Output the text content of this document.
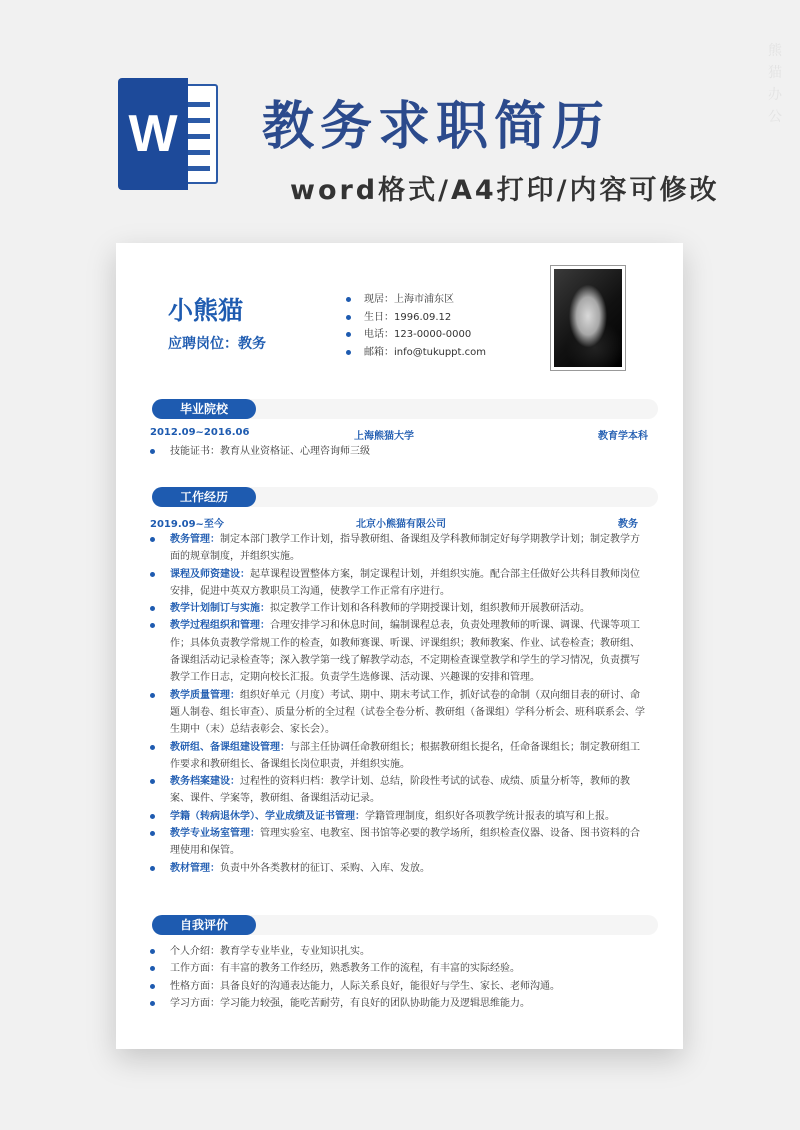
W 教务求职简历
word格式/A4打印/内容可修改
熊猫办公
小熊猫
应聘岗位：教务
现居：上海市浦东区
生日：1996.09.12
电话：123-0000-0000
邮箱：info@tukuppt.com
毕业院校
2012.09~2016.06	上海熊猫大学	教育学本科
技能证书：教育从业资格证、心理咨询师三级
工作经历
2019.09~至今	北京小熊猫有限公司	教务
教务管理：制定本部门教学工作计划，指导教研组、备课组及学科教师制定好每学期教学计划；制定教学方面的规章制度，并组织实施。
课程及师资建设：起草课程设置整体方案，制定课程计划，并组织实施。配合部主任做好公共科目教师岗位安排，促进中英双方教职员工沟通，使教学工作正常有序进行。
教学计划制订与实施：拟定教学工作计划和各科教师的学期授课计划，组织教师开展教研活动。
教学过程组织和管理：合理安排学习和休息时间，编制课程总表，负责处理教师的听课、调课、代课等项工作；具体负责教学常规工作的检查，如教师赛课、听课、评课组织；教师教案、作业、试卷检查；教研组、备课组活动记录检查等；深入教学第一线了解教学动态，不定期检查课堂教学和学生的学习情况，负责撰写教学工作日志，定期向校长汇报。负责学生选修课、活动课、兴趣课的安排和管理。
教学质量管理：组织好单元（月度）考试、期中、期末考试工作，抓好试卷的命制（双向细目表的研讨、命题人制卷、组长审查）、质量分析的全过程（试卷全卷分析、教研组（备课组）学科分析会、班科联系会、学生期中（末）总结表彰会、家长会）。
教研组、备课组建设管理：与部主任协调任命教研组长；根据教研组长提名，任命备课组长；制定教研组工作要求和教研组长、备课组长岗位职责，并组织实施。
教务档案建设：过程性的资料归档：教学计划、总结，阶段性考试的试卷、成绩、质量分析等，教师的教案、课件、学案等，教研组、备课组活动记录。
学籍（转病退休学）、学业成绩及证书管理：学籍管理制度，组织好各项教学统计报表的填写和上报。
教学专业场室管理：管理实验室、电教室、图书馆等必要的教学场所，组织检查仪器、设备、图书资料的合理使用和保管。
教材管理：负责中外各类教材的征订、采购、入库、发放。
自我评价
个人介绍：教育学专业毕业，专业知识扎实。
工作方面：有丰富的教务工作经历，熟悉教务工作的流程，有丰富的实际经验。
性格方面：具备良好的沟通表达能力，人际关系良好，能很好与学生、家长、老师沟通。
学习方面：学习能力较强，能吃苦耐劳，有良好的团队协助能力及逻辑思维能力。
